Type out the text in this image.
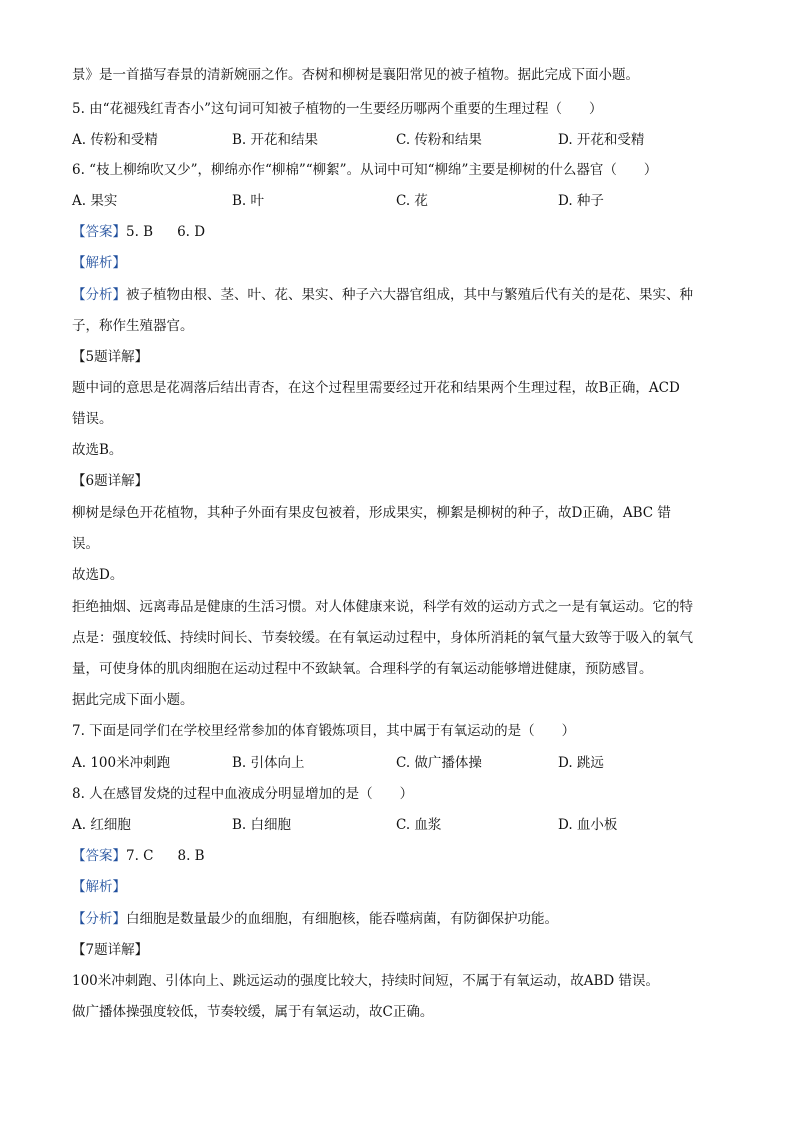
景》是一首描写春景的清新婉丽之作。杏树和柳树是襄阳常见的被子植物。据此完成下面小题。
5. 由“花褪残红青杏小”这句词可知被子植物的一生要经历哪两个重要的生理过程（　　）
A. 传粉和受精	B. 开花和结果	C. 传粉和结果	D. 开花和受精
6. “枝上柳绵吹又少”，柳绵亦作“柳棉”“柳絮”。从词中可知“柳绵”主要是柳树的什么器官（　　）
A. 果实	B. 叶	C. 花	D. 种子
【答案】5. B 6. D
【解析】
【分析】被子植物由根、茎、叶、花、果实、种子六大器官组成，其中与繁殖后代有关的是花、果实、种
子，称作生殖器官。
【5题详解】
题中词的意思是花凋落后结出青杏，在这个过程里需要经过开花和结果两个生理过程，故B正确，ACD
错误。
故选B。
【6题详解】
柳树是绿色开花植物，其种子外面有果皮包被着，形成果实，柳絮是柳树的种子，故D正确，ABC 错
误。
故选D。
拒绝抽烟、远离毒品是健康的生活习惯。对人体健康来说，科学有效的运动方式之一是有氧运动。它的特
点是：强度较低、持续时间长、节奏较缓。在有氧运动过程中，身体所消耗的氧气量大致等于吸入的氧气
量，可使身体的肌肉细胞在运动过程中不致缺氧。合理科学的有氧运动能够增进健康，预防感冒。
据此完成下面小题。
7. 下面是同学们在学校里经常参加的体育锻炼项目，其中属于有氧运动的是（　　）
A. 100米冲刺跑	B. 引体向上	C. 做广播体操	D. 跳远
8. 人在感冒发烧的过程中血液成分明显增加的是（　　）
A. 红细胞	B. 白细胞	C. 血浆	D. 血小板
【答案】7. C 8. B
【解析】
【分析】白细胞是数量最少的血细胞，有细胞核，能吞噬病菌，有防御保护功能。
【7题详解】
100米冲刺跑、引体向上、跳远运动的强度比较大，持续时间短，不属于有氧运动，故ABD 错误。
做广播体操强度较低，节奏较缓，属于有氧运动，故C正确。
